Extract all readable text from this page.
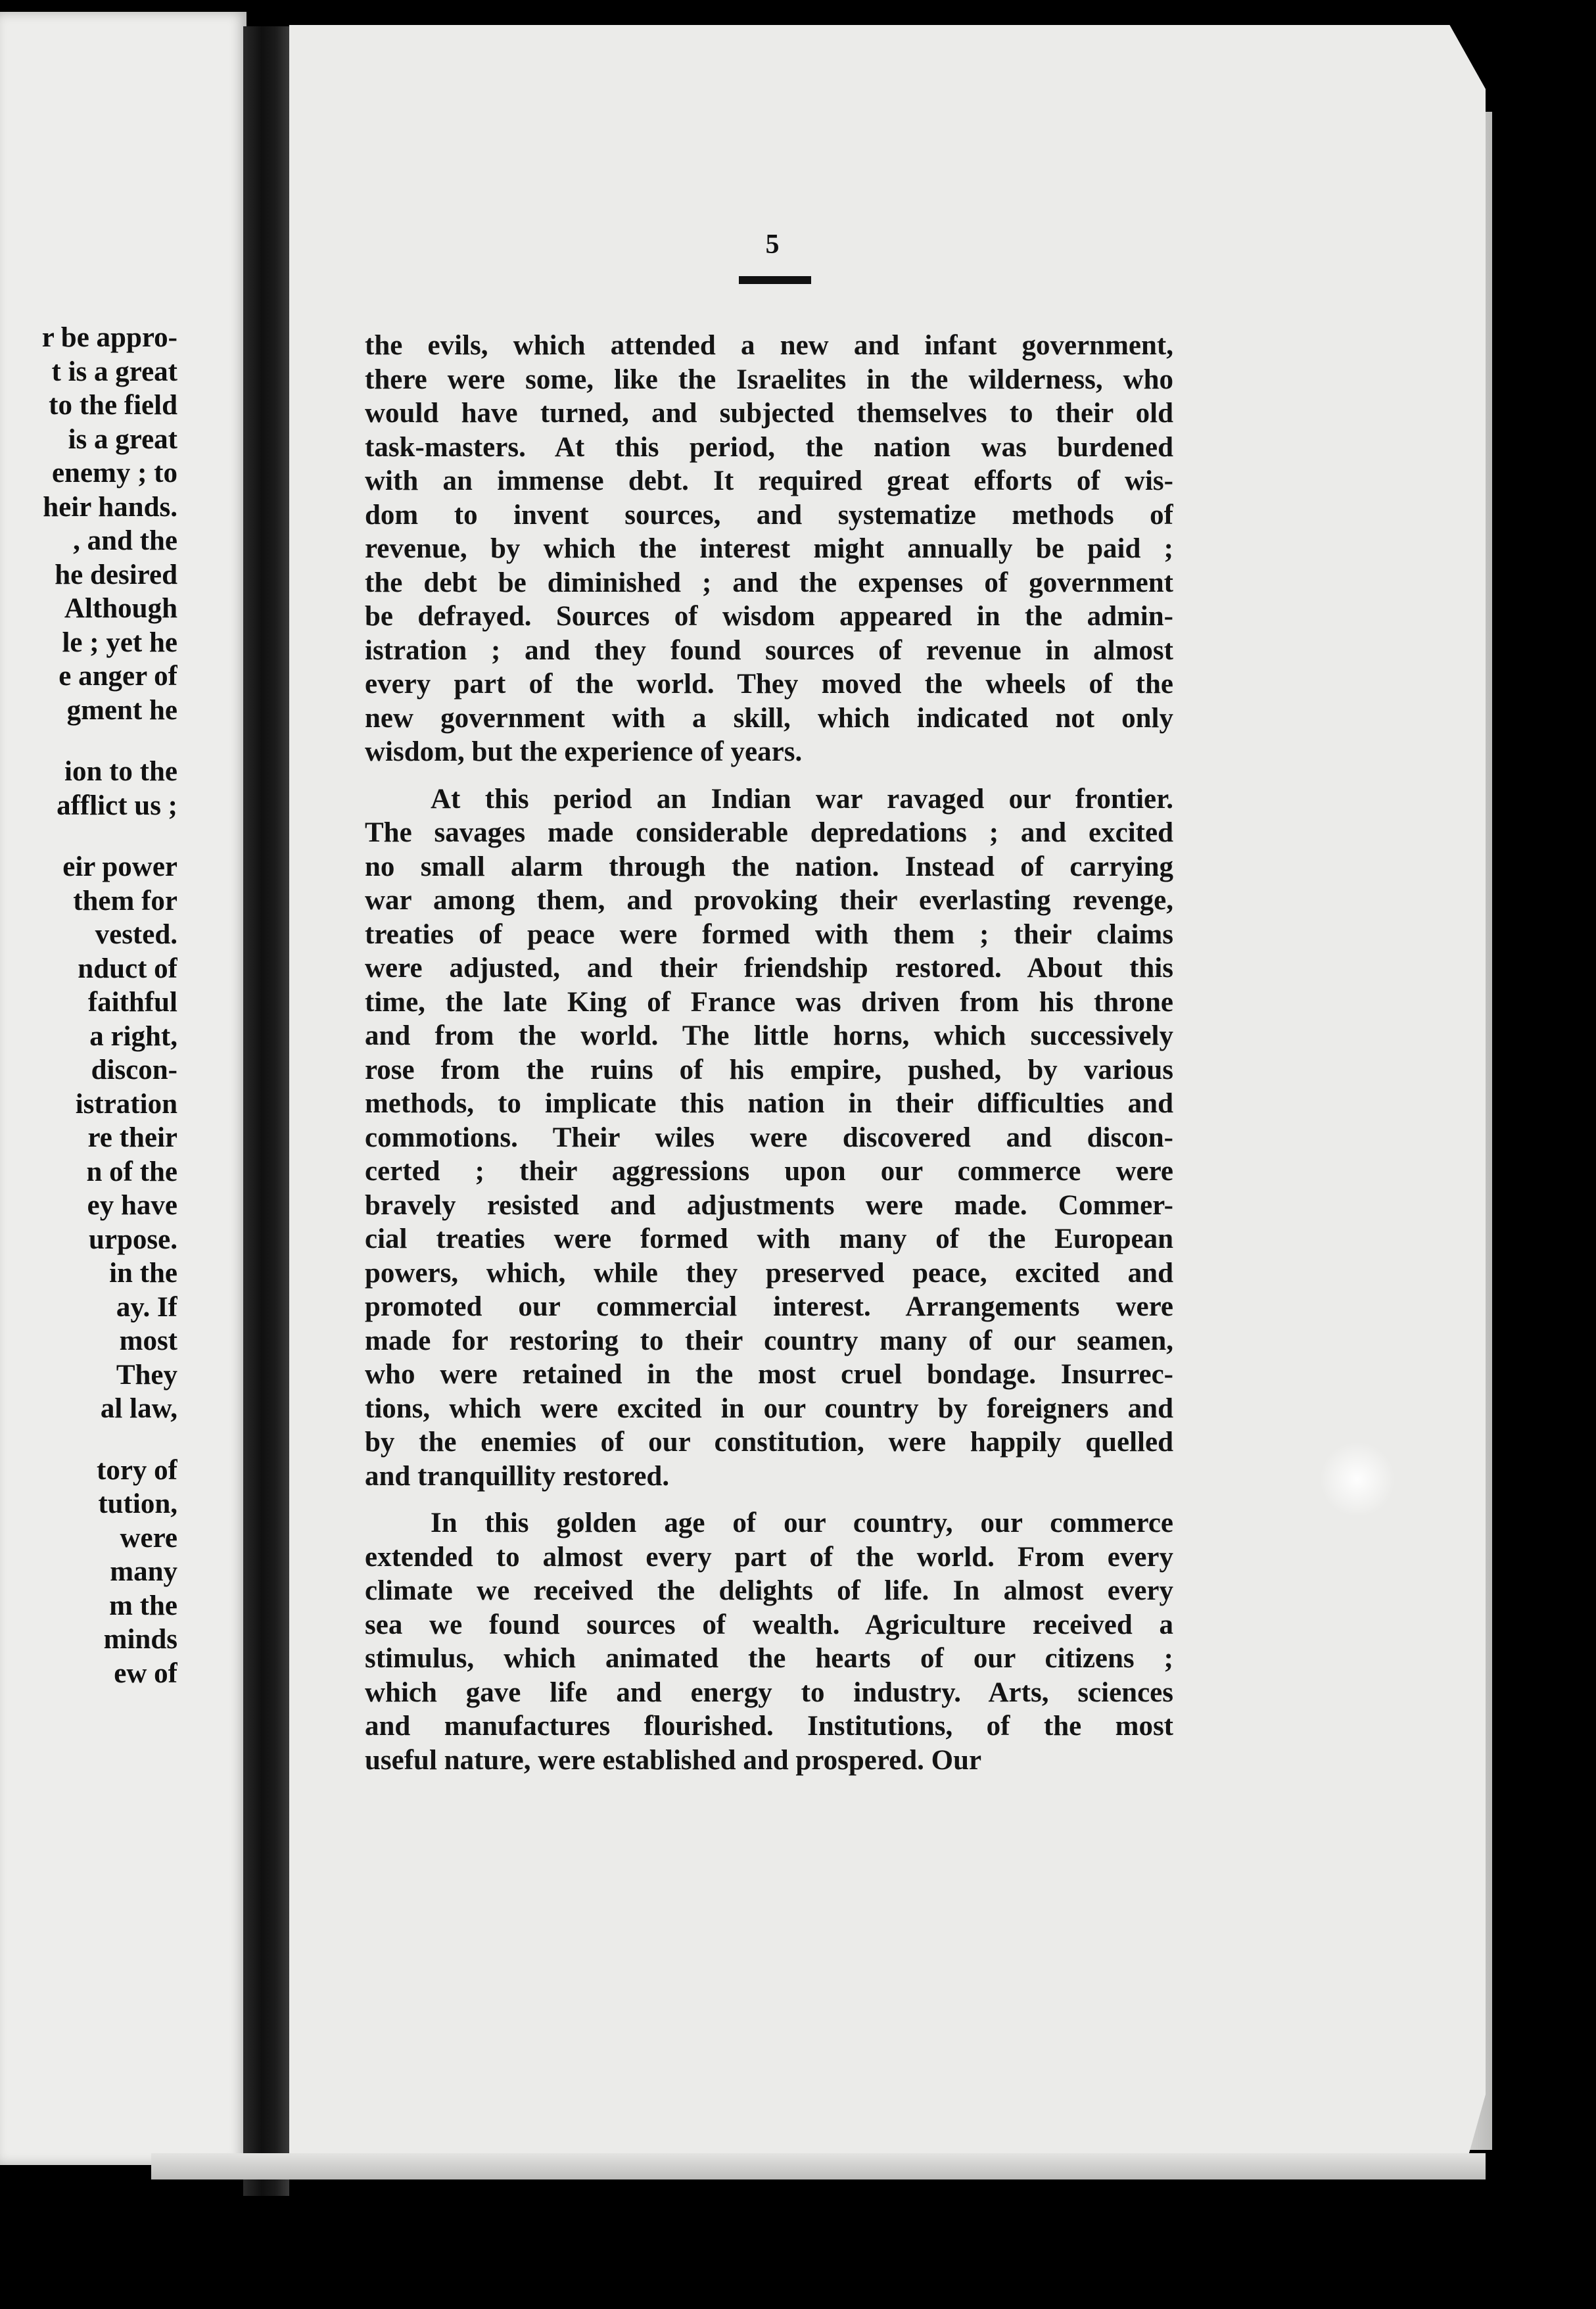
r be appro-
t is a great
to the field
is a great
enemy ; to
heir hands.
, and the
he desired
Although
le ; yet he
e anger of
gment he
ion to the
afflict us ;
eir power
them for
vested.
nduct of
faithful
a right,
discon-
istration
re their
n of the
ey have
urpose.
in the
ay. If
most
They
al law,
tory of
tution,
were
many
m the
minds
ew of
5
the evils, which attended a new and infant government,
there were some, like the Israelites in the wilderness, who
would have turned, and subjected themselves to their old
task-masters. At this period, the nation was burdened
with an immense debt. It required great efforts of wis-
dom to invent sources, and systematize methods of
revenue, by which the interest might annually be paid ;
the debt be diminished ; and the expenses of government
be defrayed. Sources of wisdom appeared in the admin-
istration ; and they found sources of revenue in almost
every part of the world. They moved the wheels of the
new government with a skill, which indicated not only
wisdom, but the experience of years.
At this period an Indian war ravaged our frontier.
The savages made considerable depredations ; and excited
no small alarm through the nation. Instead of carrying
war among them, and provoking their everlasting revenge,
treaties of peace were formed with them ; their claims
were adjusted, and their friendship restored. About this
time, the late King of France was driven from his throne
and from the world. The little horns, which successively
rose from the ruins of his empire, pushed, by various
methods, to implicate this nation in their difficulties and
commotions. Their wiles were discovered and discon-
certed ; their aggressions upon our commerce were
bravely resisted and adjustments were made. Commer-
cial treaties were formed with many of the European
powers, which, while they preserved peace, excited and
promoted our commercial interest. Arrangements were
made for restoring to their country many of our seamen,
who were retained in the most cruel bondage. Insurrec-
tions, which were excited in our country by foreigners and
by the enemies of our constitution, were happily quelled
and tranquillity restored.
In this golden age of our country, our commerce
extended to almost every part of the world. From every
climate we received the delights of life. In almost every
sea we found sources of wealth. Agriculture received a
stimulus, which animated the hearts of our citizens ;
which gave life and energy to industry. Arts, sciences
and manufactures flourished. Institutions, of the most
useful nature, were established and prospered. Our
